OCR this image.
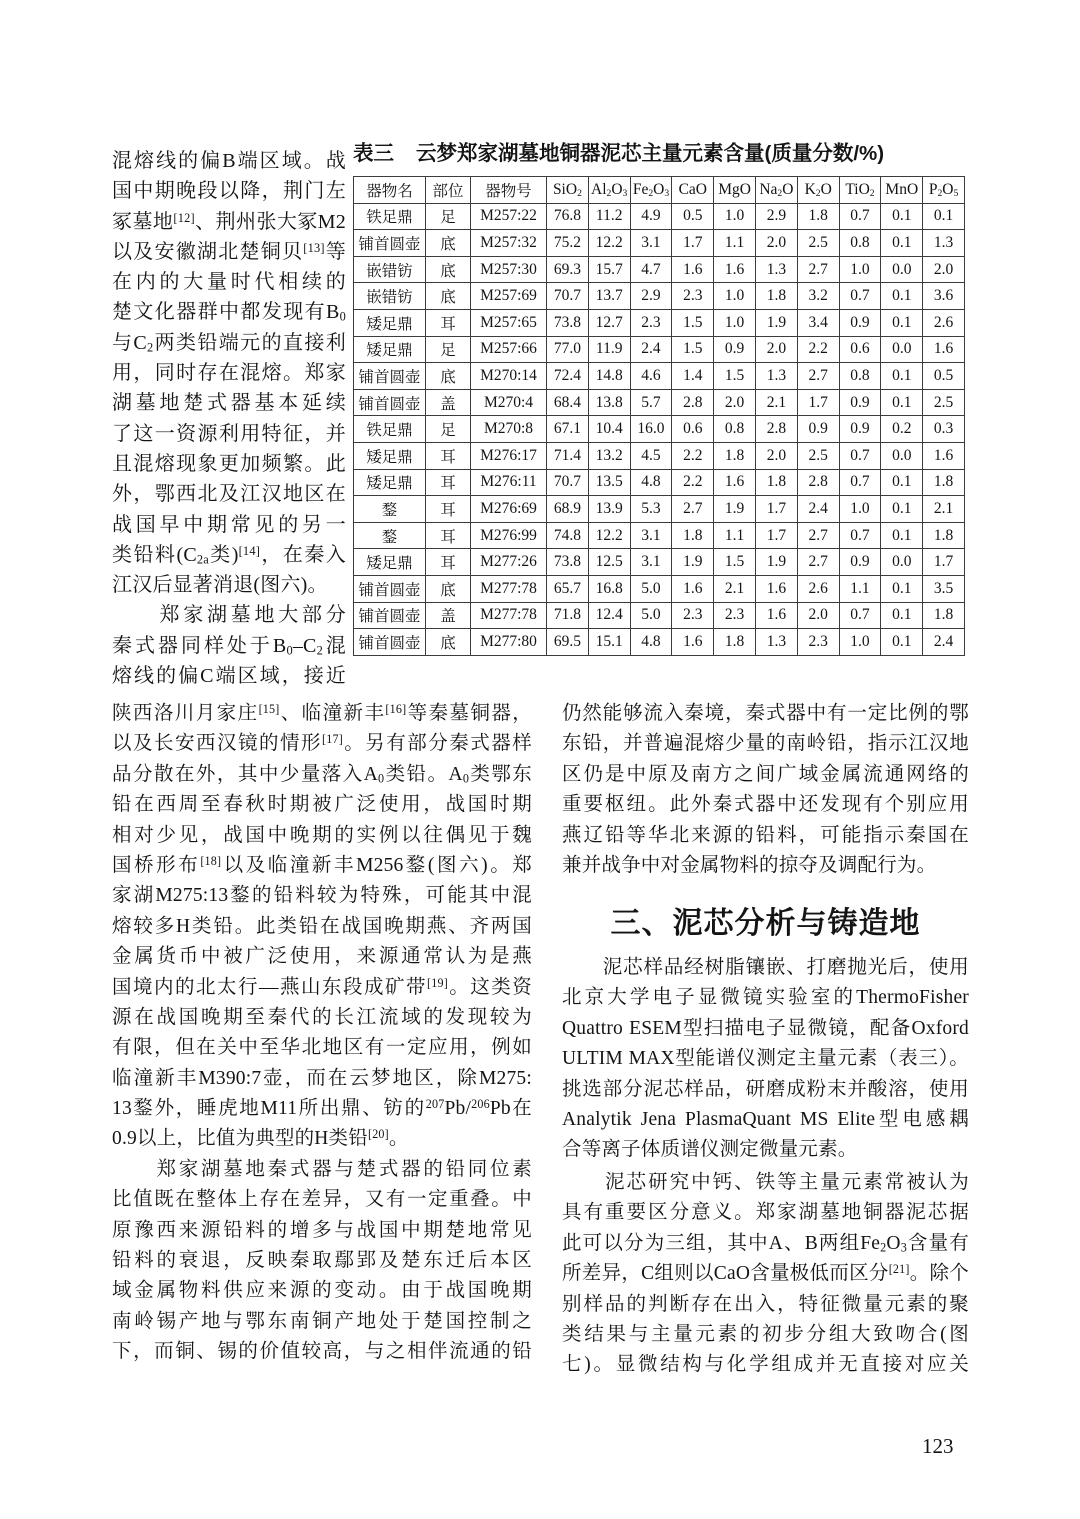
混熔线的偏B端区域。战
国中期晚段以降，荆门左
冢墓地[12]、荆州张大冢M2
以及安徽湖北楚铜贝[13]等
在内的大量时代相续的
楚文化器群中都发现有$B_0$
与$C_2$两类铅端元的直接利
用，同时存在混熔。郑家
湖墓地楚式器基本延续
了这一资源利用特征，并
且混熔现象更加频繁。此
外，鄂西北及江汉地区在
战国早中期常见的另一
类铅料($C_{2a}$类)[14]，在秦入
江汉后显著消退(图六)。
　　郑家湖墓地大部分
秦式器同样处于$B_0-C_2$混
熔线的偏C端区域，接近
表三 云梦郑家湖墓地铜器泥芯主量元素含量(质量分数/%)
器物名	部位	器物号	SiO$_2$	$Al_2O_3$	$Fe_2O_3$	CaO	MgO	$Na_2O$	$K_2O$	TiO$_2$	MnO	$P_2O_5$
铁足鼎	足	M257:22	76.8	11.2	4.9	0.5	1.0	2.9	1.8	0.7	0.1	0.1
铺首圆壶	底	M257:32	75.2	12.2	3.1	1.7	1.1	2.0	2.5	0.8	0.1	1.3
嵌错钫	底	M257:30	69.3	15.7	4.7	1.6	1.6	1.3	2.7	1.0	0.0	2.0
嵌错钫	底	M257:69	70.7	13.7	2.9	2.3	1.0	1.8	3.2	0.7	0.1	3.6
矮足鼎	耳	M257:65	73.8	12.7	2.3	1.5	1.0	1.9	3.4	0.9	0.1	2.6
矮足鼎	足	M257:66	77.0	11.9	2.4	1.5	0.9	2.0	2.2	0.6	0.0	1.6
铺首圆壶	底	M270:14	72.4	14.8	4.6	1.4	1.5	1.3	2.7	0.8	0.1	0.5
铺首圆壶	盖	M270:4	68.4	13.8	5.7	2.8	2.0	2.1	1.7	0.9	0.1	2.5
铁足鼎	足	M270:8	67.1	10.4	16.0	0.6	0.8	2.8	0.9	0.9	0.2	0.3
矮足鼎	耳	M276:17	71.4	13.2	4.5	2.2	1.8	2.0	2.5	0.7	0.0	1.6
矮足鼎	耳	M276:11	70.7	13.5	4.8	2.2	1.6	1.8	2.8	0.7	0.1	1.8
鍪	耳	M276:69	68.9	13.9	5.3	2.7	1.9	1.7	2.4	1.0	0.1	2.1
鍪	耳	M276:99	74.8	12.2	3.1	1.8	1.1	1.7	2.7	0.7	0.1	1.8
矮足鼎	耳	M277:26	73.8	12.5	3.1	1.9	1.5	1.9	2.7	0.9	0.0	1.7
铺首圆壶	底	M277:78	65.7	16.8	5.0	1.6	2.1	1.6	2.6	1.1	0.1	3.5
铺首圆壶	盖	M277:78	71.8	12.4	5.0	2.3	2.3	1.6	2.0	0.7	0.1	1.8
铺首圆壶	底	M277:80	69.5	15.1	4.8	1.6	1.8	1.3	2.3	1.0	0.1	2.4
陕西洛川月家庄[15]、临潼新丰[16]等秦墓铜器，
以及长安西汉镜的情形[17]。另有部分秦式器样
品分散在外，其中少量落入$A_0$类铅。$A_0$类鄂东
铅在西周至春秋时期被广泛使用，战国时期
相对少见，战国中晚期的实例以往偶见于魏
国桥形布[18]以及临潼新丰M256鍪(图六)。郑
家湖M275:13鍪的铅料较为特殊，可能其中混
熔较多H类铅。此类铅在战国晚期燕、齐两国
金属货币中被广泛使用，来源通常认为是燕
国境内的北太行—燕山东段成矿带[19]。这类资
源在战国晚期至秦代的长江流域的发现较为
有限，但在关中至华北地区有一定应用，例如
临潼新丰M390:7壶，而在云梦地区，除M275:
13鍪外，睡虎地M11所出鼎、钫的$^{207}$Pb/$^{206}$Pb在
0.9以上，比值为典型的H类铅[20]。
　　郑家湖墓地秦式器与楚式器的铅同位素
比值既在整体上存在差异，又有一定重叠。中
原豫西来源铅料的增多与战国中期楚地常见
铅料的衰退，反映秦取鄢郢及楚东迁后本区
域金属物料供应来源的变动。由于战国晚期
南岭锡产地与鄂东南铜产地处于楚国控制之
下，而铜、锡的价值较高，与之相伴流通的铅
仍然能够流入秦境，秦式器中有一定比例的鄂
东铅，并普遍混熔少量的南岭铅，指示江汉地
区仍是中原及南方之间广域金属流通网络的
重要枢纽。此外秦式器中还发现有个别应用
燕辽铅等华北来源的铅料，可能指示秦国在
兼并战争中对金属物料的掠夺及调配行为。
三、泥芯分析与铸造地
　　泥芯样品经树脂镶嵌、打磨抛光后，使用
北京大学电子显微镜实验室的ThermoFisher
Quattro ESEM型扫描电子显微镜，配备Oxford
ULTIM MAX型能谱仪测定主量元素（表三）。
挑选部分泥芯样品，研磨成粉末并酸溶，使用
Analytik Jena PlasmaQuant MS Elite型电感耦
合等离子体质谱仪测定微量元素。
　　泥芯研究中钙、铁等主量元素常被认为
具有重要区分意义。郑家湖墓地铜器泥芯据
此可以分为三组，其中A、B两组$Fe_2O_3$含量有
所差异，C组则以CaO含量极低而区分[21]。除个
别样品的判断存在出入，特征微量元素的聚
类结果与主量元素的初步分组大致吻合(图
七)。显微结构与化学组成并无直接对应关
123
